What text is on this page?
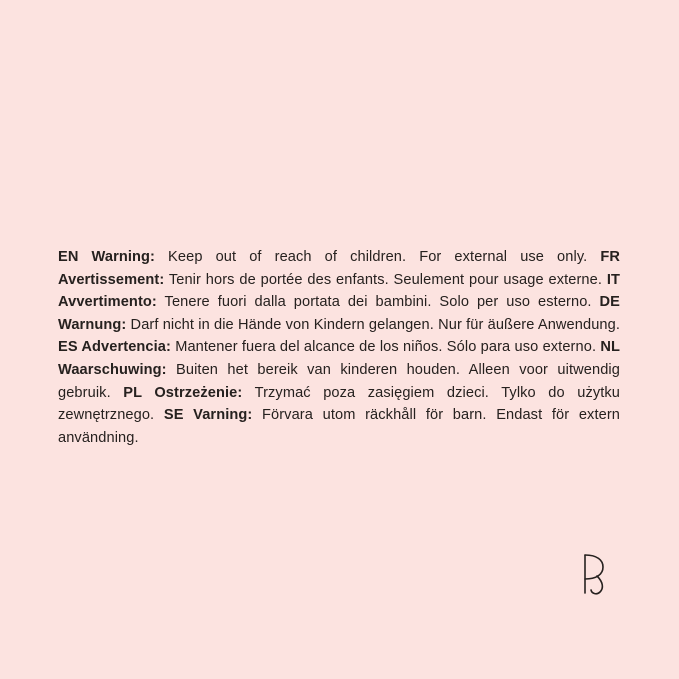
EN Warning: Keep out of reach of children. For external use only. FR Avertissement: Tenir hors de portée des enfants. Seulement pour usage externe. IT Avvertimento: Tenere fuori dalla portata dei bambini. Solo per uso esterno. DE Warnung: Darf nicht in die Hände von Kindern gelangen. Nur für äußere Anwendung. ES Advertencia: Mantener fuera del alcance de los niños. Sólo para uso externo. NL Waarschuwing: Buiten het bereik van kinderen houden. Alleen voor uitwendig gebruik. PL Ostrzeżenie: Trzymać poza zasięgiem dzieci. Tylko do użytku zewnętrznego. SE Varning: Förvara utom räckhåll för barn. Endast för extern användning.
